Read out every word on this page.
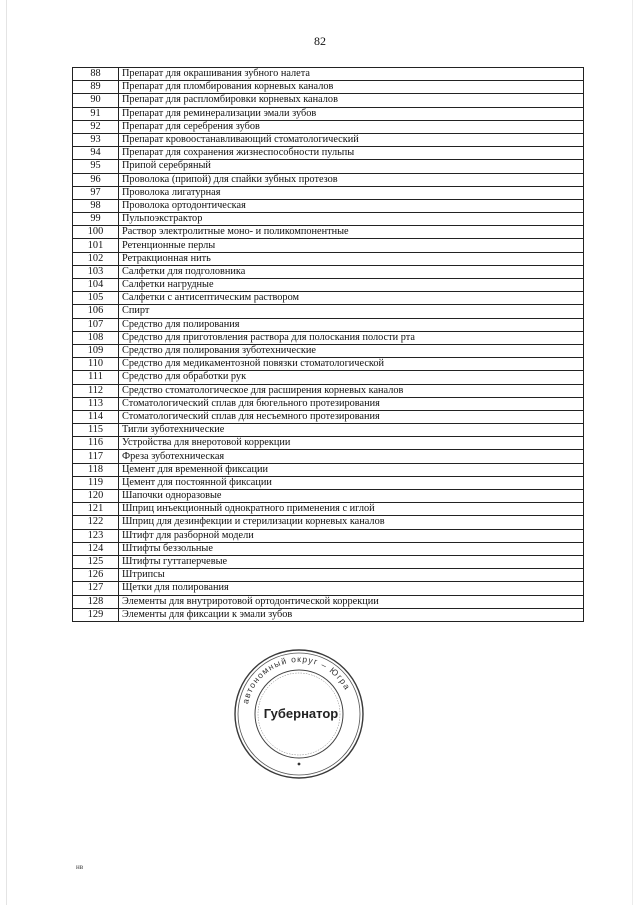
82
88	Препарат для окрашивания зубного налета
89	Препарат для пломбирования корневых каналов
90	Препарат для распломбировки корневых каналов
91	Препарат для реминерализации эмали зубов
92	Препарат для серебрения зубов
93	Препарат кровоостанавливающий стоматологический
94	Препарат для сохранения жизнеспособности пульпы
95	Припой серебряный
96	Проволока (припой) для спайки зубных протезов
97	Проволока лигатурная
98	Проволока ортодонтическая
99	Пульпоэкстрактор
100	Раствор электролитные моно- и поликомпонентные
101	Ретенционные перлы
102	Ретракционная нить
103	Салфетки для подголовника
104	Салфетки нагрудные
105	Салфетки с антисептическим раствором
106	Спирт
107	Средство для полирования
108	Средство для приготовления раствора для полоскания полости рта
109	Средство для полирования зуботехнические
110	Средство для медикаментозной повязки стоматологической
111	Средство для обработки рук
112	Средство стоматологическое для расширения корневых каналов
113	Стоматологический сплав для бюгельного протезирования
114	Стоматологический сплав для несъемного протезирования
115	Тигли зуботехнические
116	Устройства для внеротовой коррекции
117	Фреза зуботехническая
118	Цемент для временной фиксации
119	Цемент для постоянной фиксации
120	Шапочки одноразовые
121	Шприц инъекционный однократного применения с иглой
122	Шприц для дезинфекции и стерилизации корневых каналов
123	Штифт для разборной модели
124	Штифты беззольные
125	Штифты гуттаперчевые
126	Штрипсы
127	Щетки для полирования
128	Элементы для внутриротовой ортодонтической коррекции
129	Элементы для фиксации к эмали зубов
автономный округ – Югра
Губернатор
нв
